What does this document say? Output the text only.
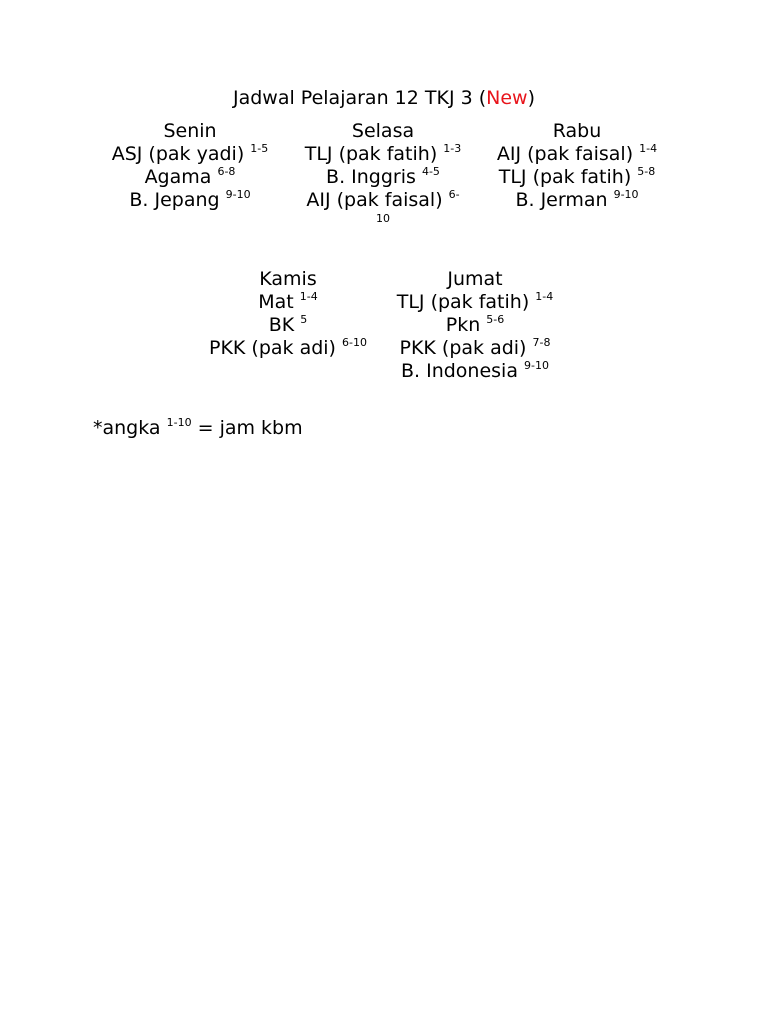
Jadwal Pelajaran 12 TKJ 3 (New)
Senin
ASJ (pak yadi) $^{1-5}$
Agama $^{6-8}$
B. Jepang $^{9-10}$
Selasa
TLJ (pak fatih) $^{1-3}$
B. Inggris $^{4-5}$
AIJ (pak faisal) $^{6-}$
10
Rabu
AIJ (pak faisal) $^{1-4}$
TLJ (pak fatih) $^{5-8}$
B. Jerman $^{9-10}$
Kamis
Mat $^{1-4}$
BK $^5$
PKK (pak adi) $^{6-10}$
Jumat
TLJ (pak fatih) $^{1-4}$
Pkn $^{5-6}$
PKK (pak adi) $^{7-8}$
B. Indonesia $^{9-10}$
*angka $^{1-10}$ = jam kbm
